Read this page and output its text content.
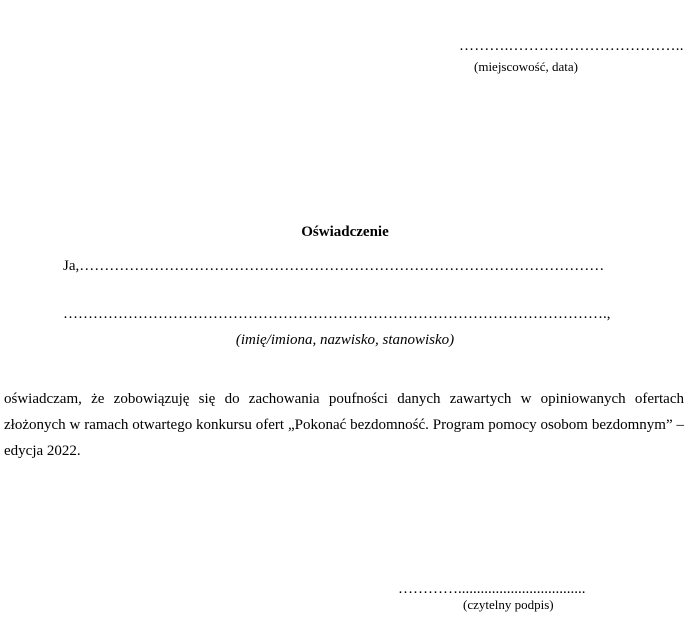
……….……………………………..
(miejscowość, data)
Oświadczenie
Ja,……………………………………………………………………………………………
……………………………………………………………………………………………….,
(imię/imiona, nazwisko, stanowisko)
oświadczam, że zobowiązuję się do zachowania poufności danych zawartych w opiniowanych ofertach złożonych w ramach otwartego konkursu ofert „Pokonać bezdomność. Program pomocy osobom bezdomnym” – edycja 2022.
…………..................................
(czytelny podpis)
